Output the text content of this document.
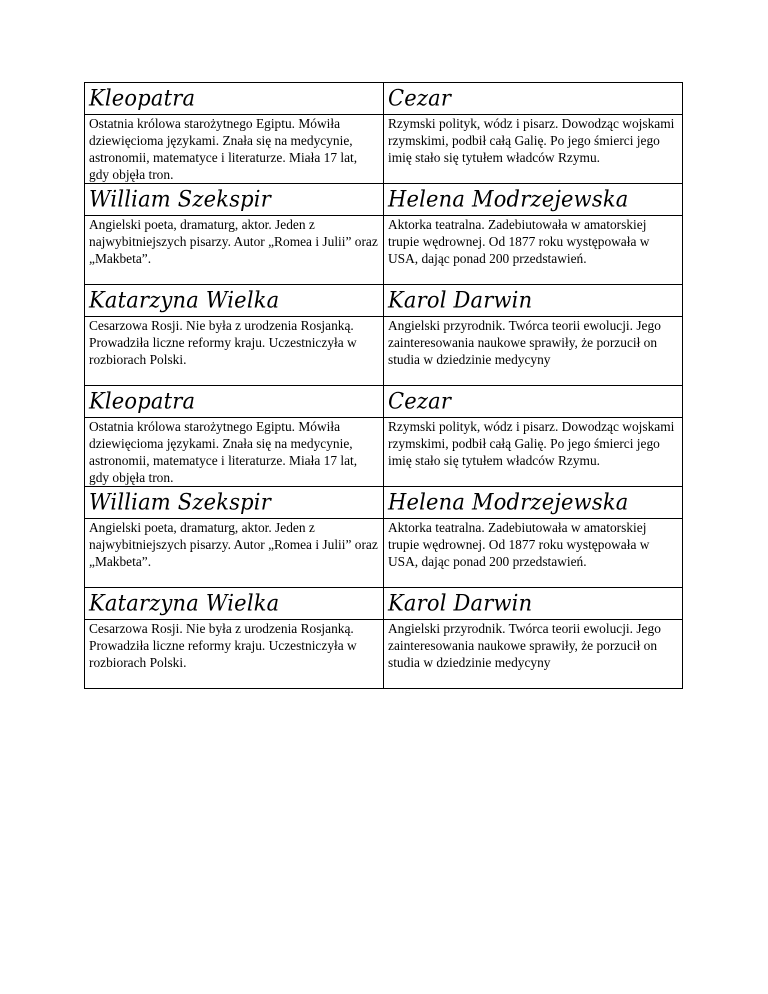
Kleopatra	Cezar

Ostatnia królowa starożytnego Egiptu. Mówiła dziewięcioma językami. Znała się na medycynie, astronomii, matematyce i literaturze. Miała 17 lat, gdy objęła tron.	Rzymski polityk, wódz i pisarz. Dowodząc wojskami rzymskimi, podbił całą Galię. Po jego śmierci jego imię stało się tytułem władców Rzymu.

William Szekspir	Helena Modrzejewska

Angielski poeta, dramaturg, aktor. Jeden z najwybitniejszych pisarzy. Autor „Romea i Julii” oraz „Makbeta”.	Aktorka teatralna. Zadebiutowała w amatorskiej trupie wędrownej. Od 1877 roku występowała w USA, dając ponad 200 przedstawień.

Katarzyna Wielka	Karol Darwin

Cesarzowa Rosji. Nie była z urodzenia Rosjanką. Prowadziła liczne reformy kraju. Uczestniczyła w rozbiorach Polski.	Angielski przyrodnik. Twórca teorii ewolucji. Jego zainteresowania naukowe sprawiły, że porzucił on studia w dziedzinie medycyny

Kleopatra	Cezar

Ostatnia królowa starożytnego Egiptu. Mówiła dziewięcioma językami. Znała się na medycynie, astronomii, matematyce i literaturze. Miała 17 lat, gdy objęła tron.	Rzymski polityk, wódz i pisarz. Dowodząc wojskami rzymskimi, podbił całą Galię. Po jego śmierci jego imię stało się tytułem władców Rzymu.

William Szekspir	Helena Modrzejewska

Angielski poeta, dramaturg, aktor. Jeden z najwybitniejszych pisarzy. Autor „Romea i Julii” oraz „Makbeta”.	Aktorka teatralna. Zadebiutowała w amatorskiej trupie wędrownej. Od 1877 roku występowała w USA, dając ponad 200 przedstawień.

Katarzyna Wielka	Karol Darwin

Cesarzowa Rosji. Nie była z urodzenia Rosjanką. Prowadziła liczne reformy kraju. Uczestniczyła w rozbiorach Polski.	Angielski przyrodnik. Twórca teorii ewolucji. Jego zainteresowania naukowe sprawiły, że porzucił on studia w dziedzinie medycyny
